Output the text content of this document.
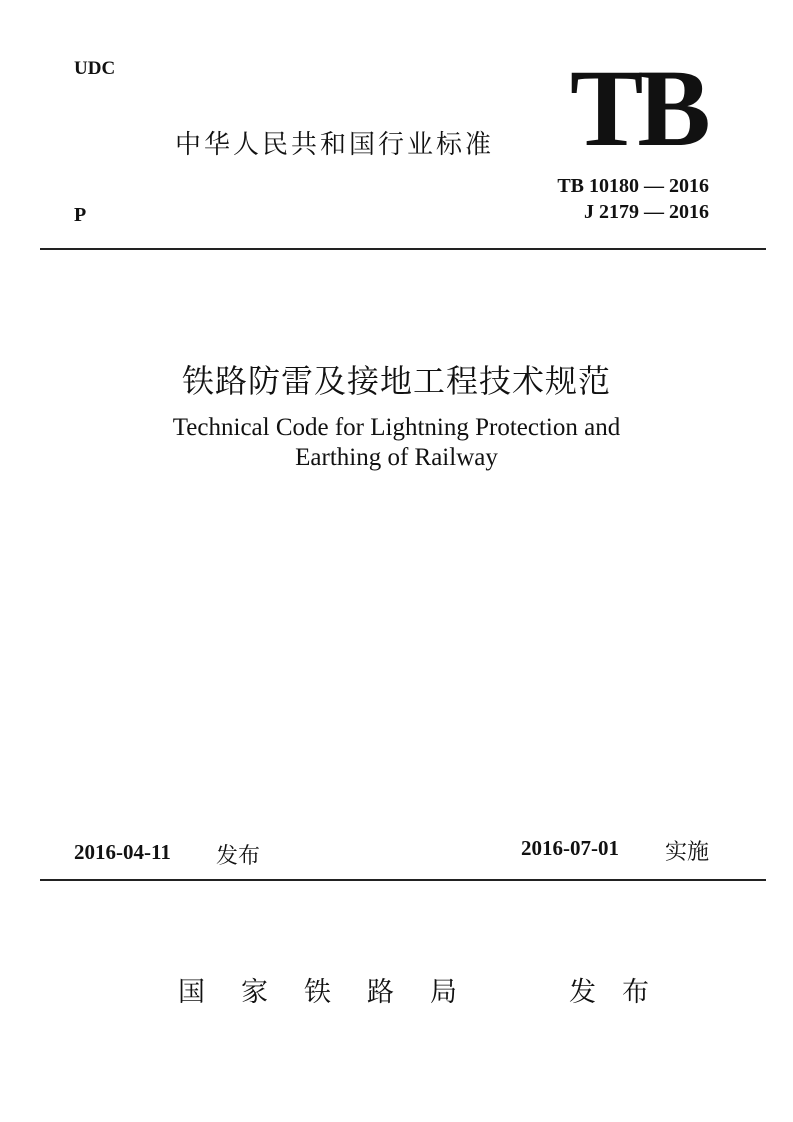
UDC
中华人民共和国行业标准 TB
TB 10180 — 2016
P	J 2179 — 2016
铁路防雷及接地工程技术规范
Technical Code for Lightning Protection and
Earthing of Railway
2016-04-11 发布	2016-07-01 实施
国家铁路局	发布
